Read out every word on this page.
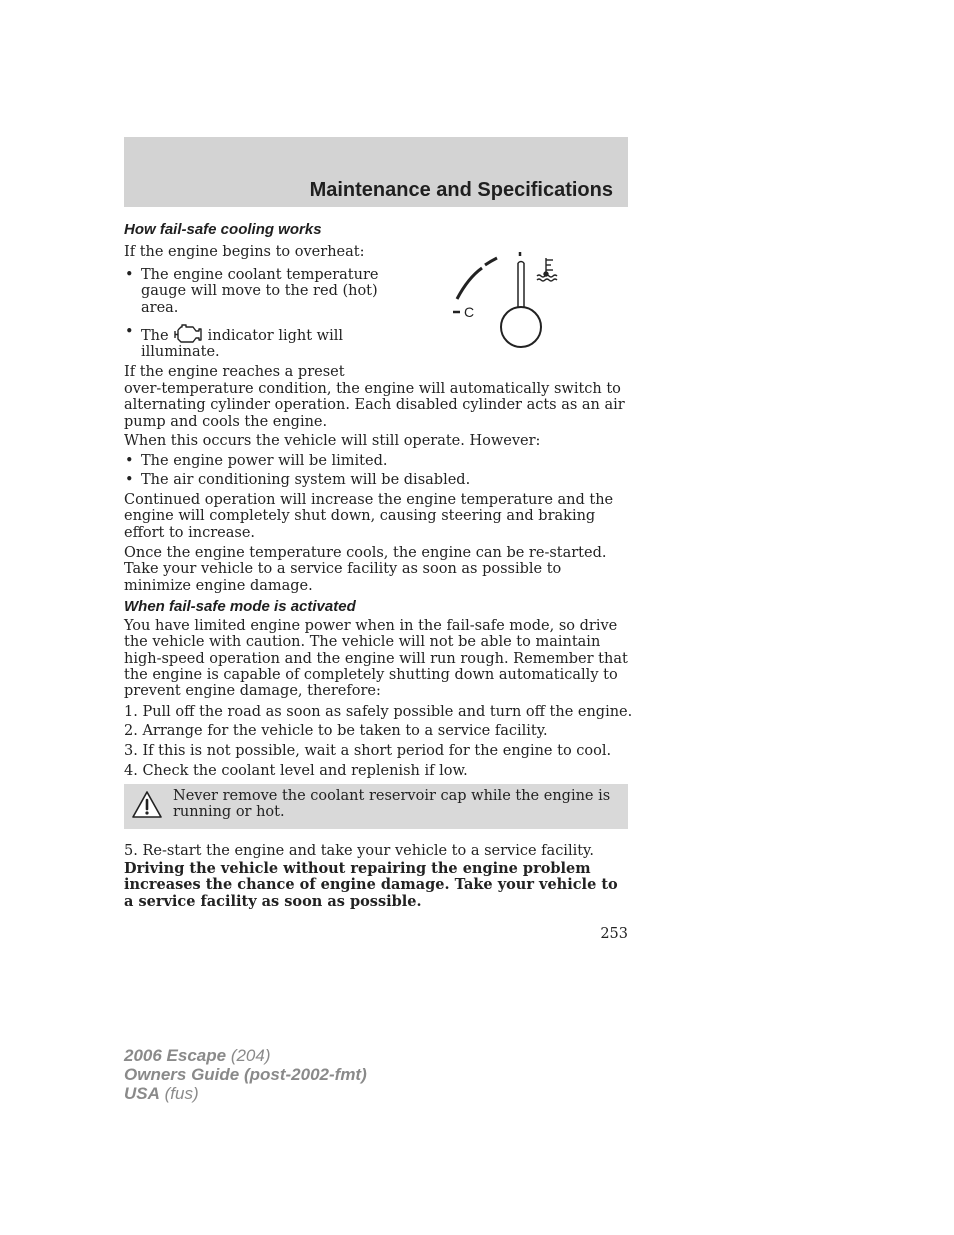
Maintenance and Specifications
How fail-safe cooling works
If the engine begins to overheat:
• The engine coolant temperature gauge will move to the red (hot) area.
• The	indicator light will illuminate.
C
If the engine reaches a preset
over-temperature condition, the engine will automatically switch to alternating cylinder operation. Each disabled cylinder acts as an air pump and cools the engine.
When this occurs the vehicle will still operate. However:
• The engine power will be limited.
• The air conditioning system will be disabled.
Continued operation will increase the engine temperature and the engine will completely shut down, causing steering and braking effort to increase.
Once the engine temperature cools, the engine can be re-started. Take your vehicle to a service facility as soon as possible to minimize engine damage.
When fail-safe mode is activated
You have limited engine power when in the fail-safe mode, so drive the vehicle with caution. The vehicle will not be able to maintain high-speed operation and the engine will run rough. Remember that the engine is capable of completely shutting down automatically to prevent engine damage, therefore:
1. Pull off the road as soon as safely possible and turn off the engine.
2. Arrange for the vehicle to be taken to a service facility.
3. If this is not possible, wait a short period for the engine to cool.
4. Check the coolant level and replenish if low.
Never remove the coolant reservoir cap while the engine is running or hot.
5. Re-start the engine and take your vehicle to a service facility.
Driving the vehicle without repairing the engine problem increases the chance of engine damage. Take your vehicle to a service facility as soon as possible.
253
2006 Escape (204)
Owners Guide (post-2002-fmt)
USA (fus)
